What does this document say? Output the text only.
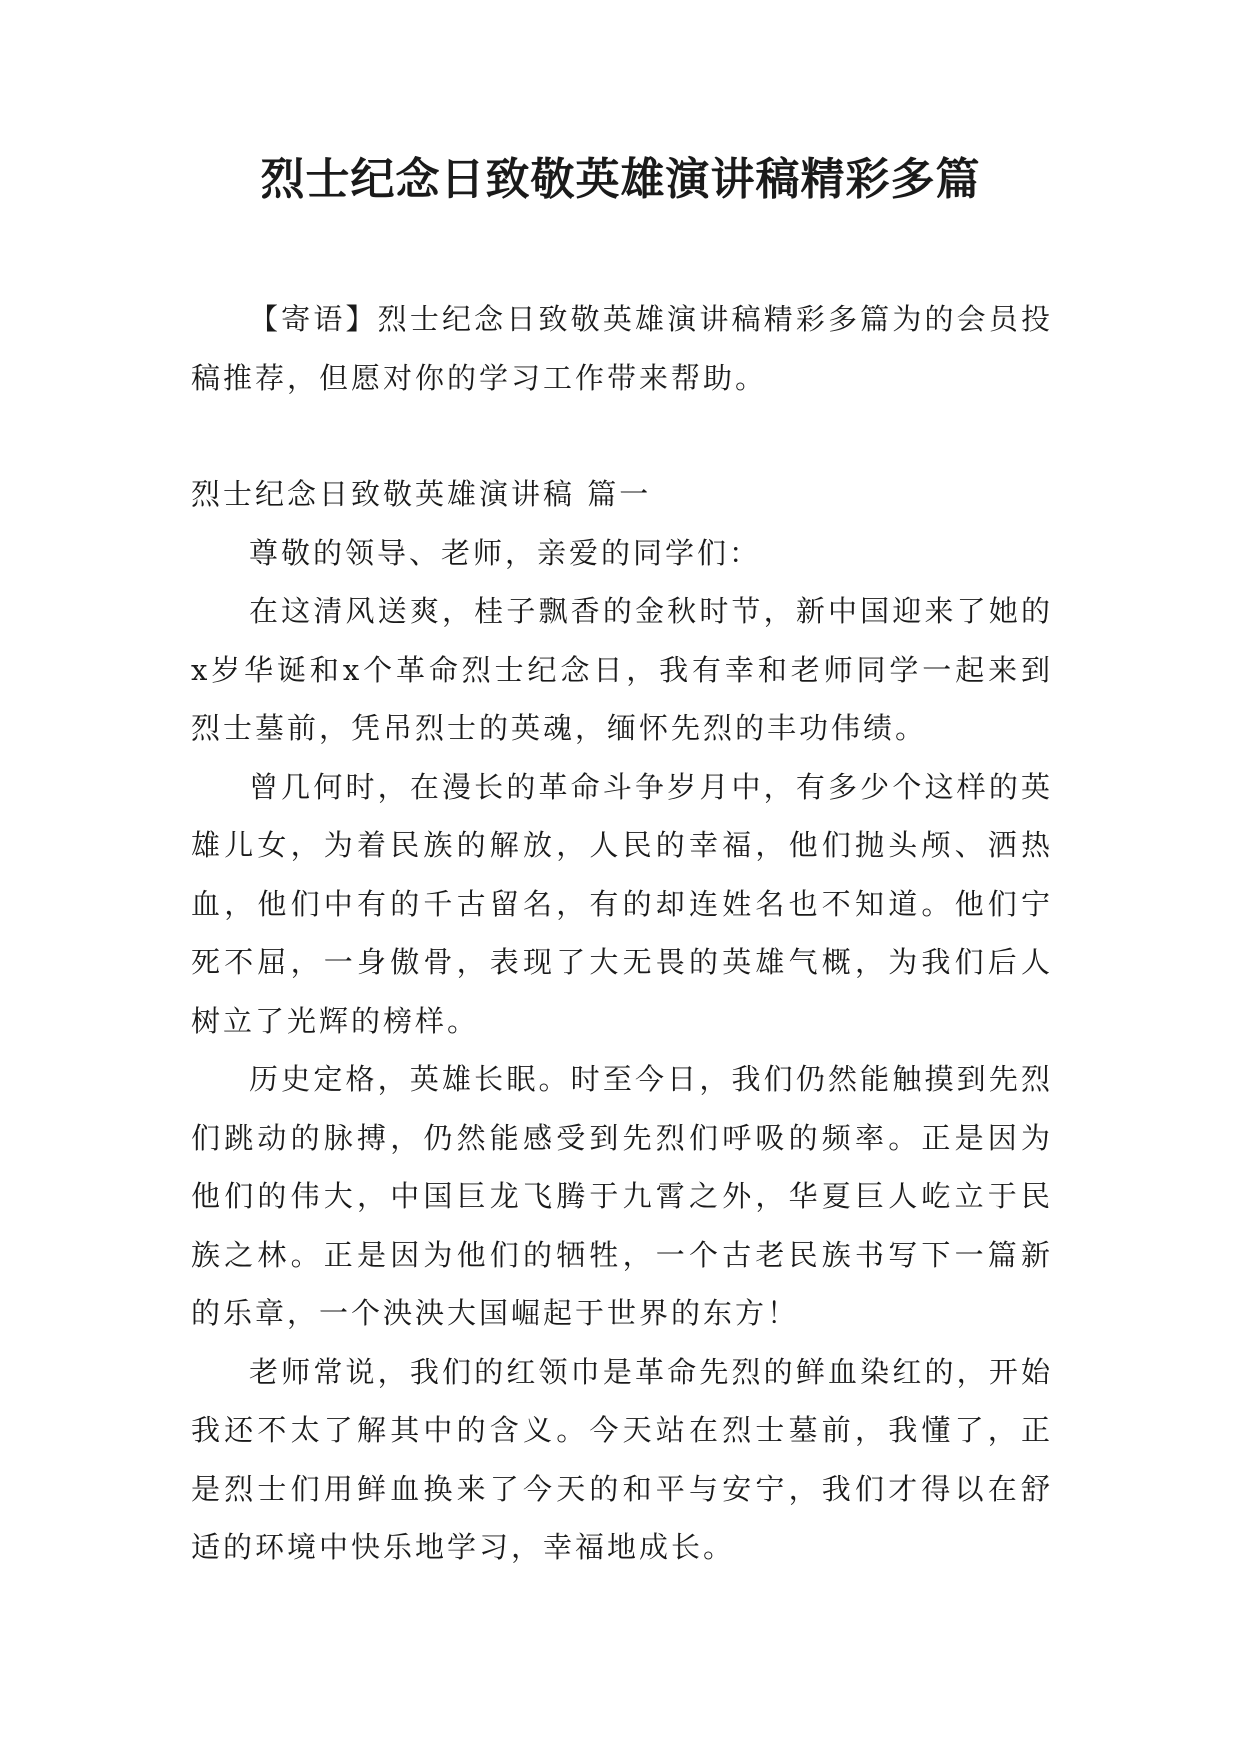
烈士纪念日致敬英雄演讲稿精彩多篇

【寄语】烈士纪念日致敬英雄演讲稿精彩多篇为的会员投稿推荐，但愿对你的学习工作带来帮助。

烈士纪念日致敬英雄演讲稿 篇一

尊敬的领导、老师，亲爱的同学们：

在这清风送爽，桂子飘香的金秋时节，新中国迎来了她的x岁华诞和x个革命烈士纪念日，我有幸和老师同学一起来到烈士墓前，凭吊烈士的英魂，缅怀先烈的丰功伟绩。

曾几何时，在漫长的革命斗争岁月中，有多少个这样的英雄儿女，为着民族的解放，人民的幸福，他们抛头颅、洒热血，他们中有的千古留名，有的却连姓名也不知道。他们宁死不屈，一身傲骨，表现了大无畏的英雄气概，为我们后人树立了光辉的榜样。

历史定格，英雄长眠。时至今日，我们仍然能触摸到先烈们跳动的脉搏，仍然能感受到先烈们呼吸的频率。正是因为他们的伟大，中国巨龙飞腾于九霄之外，华夏巨人屹立于民族之林。正是因为他们的牺牲，一个古老民族书写下一篇新的乐章，一个泱泱大国崛起于世界的东方！

老师常说，我们的红领巾是革命先烈的鲜血染红的，开始我还不太了解其中的含义。今天站在烈士墓前，我懂了，正是烈士们用鲜血换来了今天的和平与安宁，我们才得以在舒适的环境中快乐地学习，幸福地成长。
